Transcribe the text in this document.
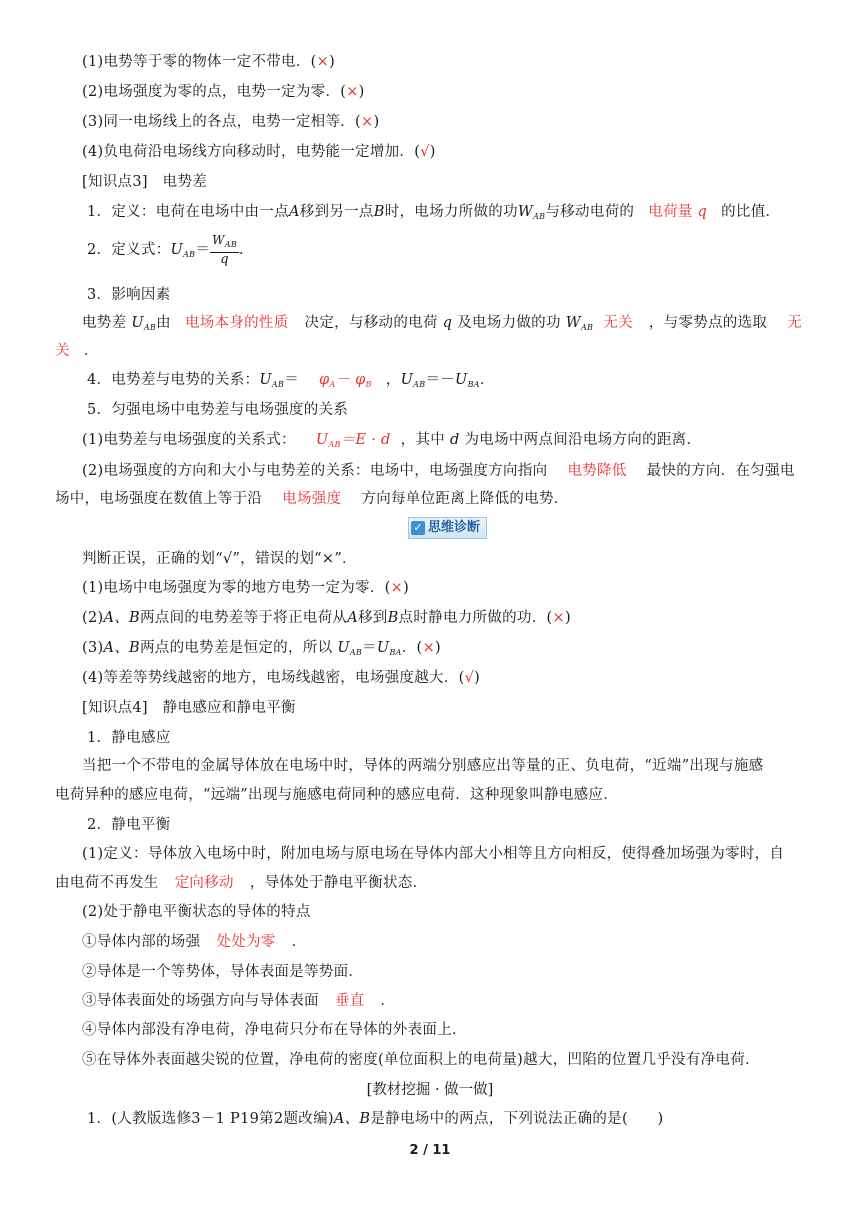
(1)电势等于零的物体一定不带电．(×)
(2)电场强度为零的点，电势一定为零．(×)
(3)同一电场线上的各点，电势一定相等．(×)
(4)负电荷沿电场线方向移动时，电势能一定增加．(√)
[知识点3]　电势差
1．定义：电荷在电场中由一点A移到另一点B时，电场力所做的功$W_{AB}$与移动电荷的 电荷量 q 的比值．
2．定义式：$U_{AB}= \frac{W_{AB}}{q}$ ．
3．影响因素
电势差 $U_{AB}$由 电场本身的性质 决定，与移动的电荷 q 及电场力做的功 $W_{AB}$ 无关 ，与零势点的选取 无
关 ．
4．电势差与电势的关系：$U_{AB}= \varphi_A- \varphi_B$ ，$U_{AB}=-U_{BA}$．
5．匀强电场中电势差与电场强度的关系
(1)电势差与电场强度的关系式： $U_{AB}=E \cdot d$ ，其中 d 为电场中两点间沿电场方向的距离．
(2)电场强度的方向和大小与电势差的关系：电场中，电场强度方向指向 电势降低 最快的方向．在匀强电
场中，电场强度在数值上等于沿 电场强度 方向每单位距离上降低的电势．
✓ 思维诊断
判断正误，正确的划“√”，错误的划“×”．
(1)电场中电场强度为零的地方电势一定为零．(×)
(2)A、B两点间的电势差等于将正电荷从A移到B点时静电力所做的功．(×)
(3)A、B两点的电势差是恒定的，所以 $U_{AB}=U_{BA}$．(×)
(4)等差等势线越密的地方，电场线越密，电场强度越大．(√)
[知识点4]　静电感应和静电平衡
1．静电感应
当把一个不带电的金属导体放在电场中时，导体的两端分别感应出等量的正、负电荷，“近端”出现与施感
电荷异种的感应电荷，“远端”出现与施感电荷同种的感应电荷．这种现象叫静电感应．
2．静电平衡
(1)定义：导体放入电场中时，附加电场与原电场在导体内部大小相等且方向相反，使得叠加场强为零时，自
由电荷不再发生 定向移动 ，导体处于静电平衡状态．
(2)处于静电平衡状态的导体的特点
①导体内部的场强 处处为零 ．
②导体是一个等势体，导体表面是等势面．
③导体表面处的场强方向与导体表面 垂直 ．
④导体内部没有净电荷，净电荷只分布在导体的外表面上．
⑤在导体外表面越尖锐的位置，净电荷的密度(单位面积上的电荷量)越大，凹陷的位置几乎没有净电荷．
[教材挖掘 · 做一做]
1．(人教版选修3－1 P19第2题改编)A、B是静电场中的两点，下列说法正确的是(　　)
2 / 11
